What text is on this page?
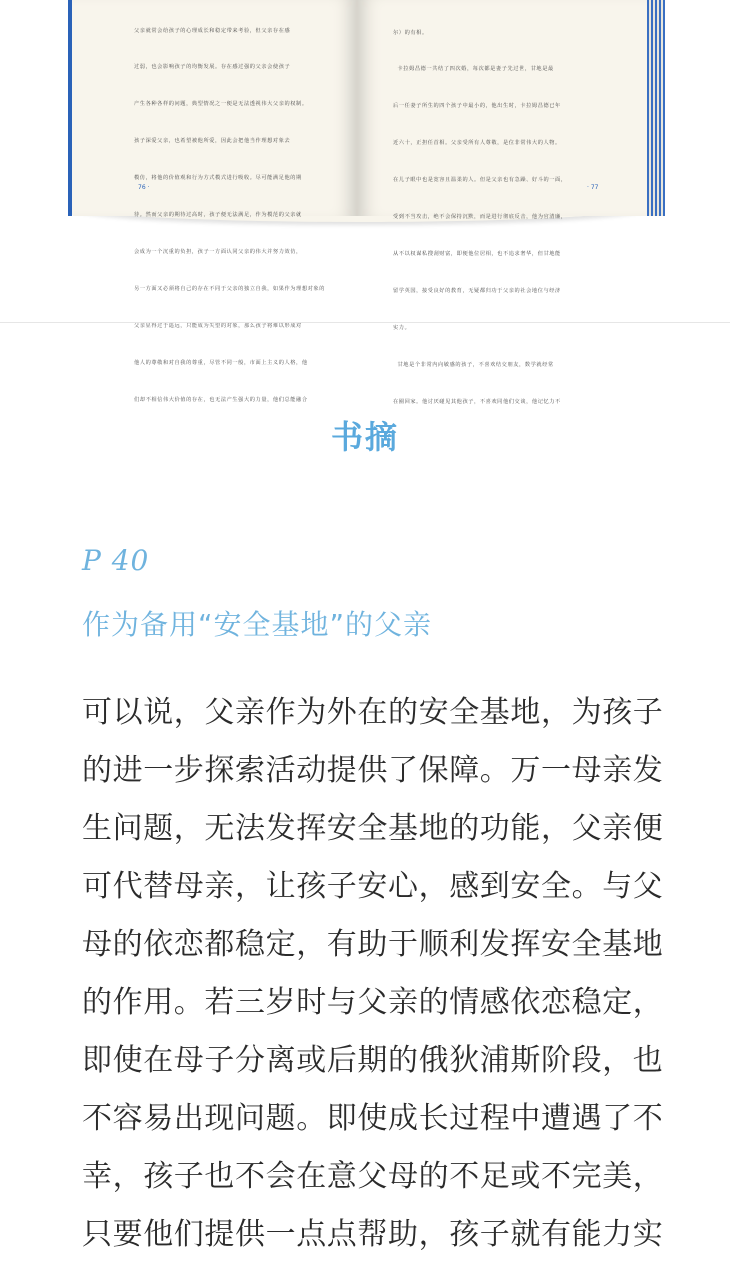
父亲就常会给孩子的心理成长和稳定带来考验，但父亲存在感

过弱，也会影响孩子的均衡发展。存在感过强的父亲会使孩子

产生各种各样的问题，典型情况之一便是无法透视伟大父亲的权制。

孩子深爱父亲，也希望被他所爱，因此会把他当作理想对象去

模仿，将他的价值观和行为方式模式进行吸收。尽可能满足他的期

待。然而父亲的期待过高时，孩子便无法满足，作为模范的父亲就

会成为一个沉重的负担，孩子一方面认同父亲的伟大并努力效仿，

另一方面又必须将自己的存在不同于父亲的独立自我，如果作为理想对象的

父亲显得过于遥远，只能成为失望的对象，那么孩子将难以形成对

他人的尊敬和对自我的尊重，尽管不同一般，市面上主义的人格，他

们却不相信伟大价值的存在，也无法产生强大的力量，他们总能融合

76 ·

尔）的有相。

卡拉姆昌德一共结了四次婚，每次都是妻子先过世，甘地是最

后一任妻子所生的四个孩子中最小的，他出生时，卡拉姆昌德已年

近六十，正担任首相。父亲受所有人尊敬，是位非常伟大的人物。

在儿子眼中也是宽容且温柔的人。但是父亲也有急躁、好斗的一面，

受到不当攻击，绝不会保持沉默，而是进行彻底反击，他为官清廉，

从不以权谋私搜刮财富，即便他位居相，也不追求奢华，但甘地能

留学英国，接受良好的教育，无疑都归功于父亲的社会地位与经济

实力。

甘地是个非常内向敏感的孩子，不喜欢结交朋友，数学就经常

在圈回家。他讨厌碰见其他孩子，不喜欢同他们交谈，他记忆力不

· 77
书摘
P 40
作为备用“安全基地”的父亲
可以说，父亲作为外在的安全基地，为孩子
的进一步探索活动提供了保障。万一母亲发
生问题，无法发挥安全基地的功能，父亲便
可代替母亲，让孩子安心，感到安全。与父
母的依恋都稳定，有助于顺利发挥安全基地
的作用。若三岁时与父亲的情感依恋稳定，
即使在母子分离或后期的俄狄浦斯阶段，也
不容易出现问题。即使成长过程中遭遇了不
幸，孩子也不会在意父母的不足或不完美，
只要他们提供一点点帮助，孩子就有能力实
